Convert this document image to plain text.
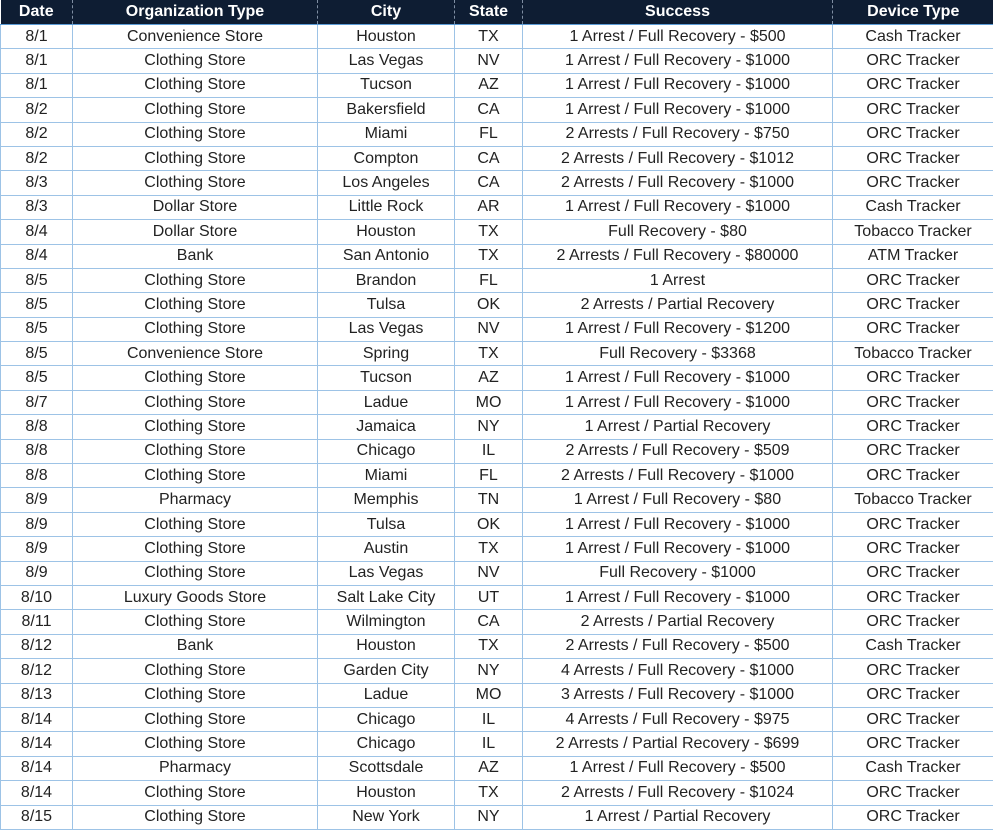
Date	Organization Type	City	State	Success	Device Type
8/1	Convenience Store	Houston	TX	1 Arrest / Full Recovery - $500	Cash Tracker
8/1	Clothing Store	Las Vegas	NV	1 Arrest / Full Recovery - $1000	ORC Tracker
8/1	Clothing Store	Tucson	AZ	1 Arrest / Full Recovery - $1000	ORC Tracker
8/2	Clothing Store	Bakersfield	CA	1 Arrest / Full Recovery - $1000	ORC Tracker
8/2	Clothing Store	Miami	FL	2 Arrests / Full Recovery - $750	ORC Tracker
8/2	Clothing Store	Compton	CA	2 Arrests / Full Recovery - $1012	ORC Tracker
8/3	Clothing Store	Los Angeles	CA	2 Arrests / Full Recovery - $1000	ORC Tracker
8/3	Dollar Store	Little Rock	AR	1 Arrest / Full Recovery - $1000	Cash Tracker
8/4	Dollar Store	Houston	TX	Full Recovery - $80	Tobacco Tracker
8/4	Bank	San Antonio	TX	2 Arrests / Full Recovery - $80000	ATM Tracker
8/5	Clothing Store	Brandon	FL	1 Arrest	ORC Tracker
8/5	Clothing Store	Tulsa	OK	2 Arrests / Partial Recovery	ORC Tracker
8/5	Clothing Store	Las Vegas	NV	1 Arrest / Full Recovery - $1200	ORC Tracker
8/5	Convenience Store	Spring	TX	Full Recovery - $3368	Tobacco Tracker
8/5	Clothing Store	Tucson	AZ	1 Arrest / Full Recovery - $1000	ORC Tracker
8/7	Clothing Store	Ladue	MO	1 Arrest / Full Recovery - $1000	ORC Tracker
8/8	Clothing Store	Jamaica	NY	1 Arrest / Partial Recovery	ORC Tracker
8/8	Clothing Store	Chicago	IL	2 Arrests / Full Recovery - $509	ORC Tracker
8/8	Clothing Store	Miami	FL	2 Arrests / Full Recovery - $1000	ORC Tracker
8/9	Pharmacy	Memphis	TN	1 Arrest / Full Recovery - $80	Tobacco Tracker
8/9	Clothing Store	Tulsa	OK	1 Arrest / Full Recovery - $1000	ORC Tracker
8/9	Clothing Store	Austin	TX	1 Arrest / Full Recovery - $1000	ORC Tracker
8/9	Clothing Store	Las Vegas	NV	Full Recovery - $1000	ORC Tracker
8/10	Luxury Goods Store	Salt Lake City	UT	1 Arrest / Full Recovery - $1000	ORC Tracker
8/11	Clothing Store	Wilmington	CA	2 Arrests / Partial Recovery	ORC Tracker
8/12	Bank	Houston	TX	2 Arrests / Full Recovery - $500	Cash Tracker
8/12	Clothing Store	Garden City	NY	4 Arrests / Full Recovery - $1000	ORC Tracker
8/13	Clothing Store	Ladue	MO	3 Arrests / Full Recovery - $1000	ORC Tracker
8/14	Clothing Store	Chicago	IL	4 Arrests / Full Recovery - $975	ORC Tracker
8/14	Clothing Store	Chicago	IL	2 Arrests / Partial Recovery - $699	ORC Tracker
8/14	Pharmacy	Scottsdale	AZ	1 Arrest / Full Recovery - $500	Cash Tracker
8/14	Clothing Store	Houston	TX	2 Arrests / Full Recovery - $1024	ORC Tracker
8/15	Clothing Store	New York	NY	1 Arrest / Partial Recovery	ORC Tracker
